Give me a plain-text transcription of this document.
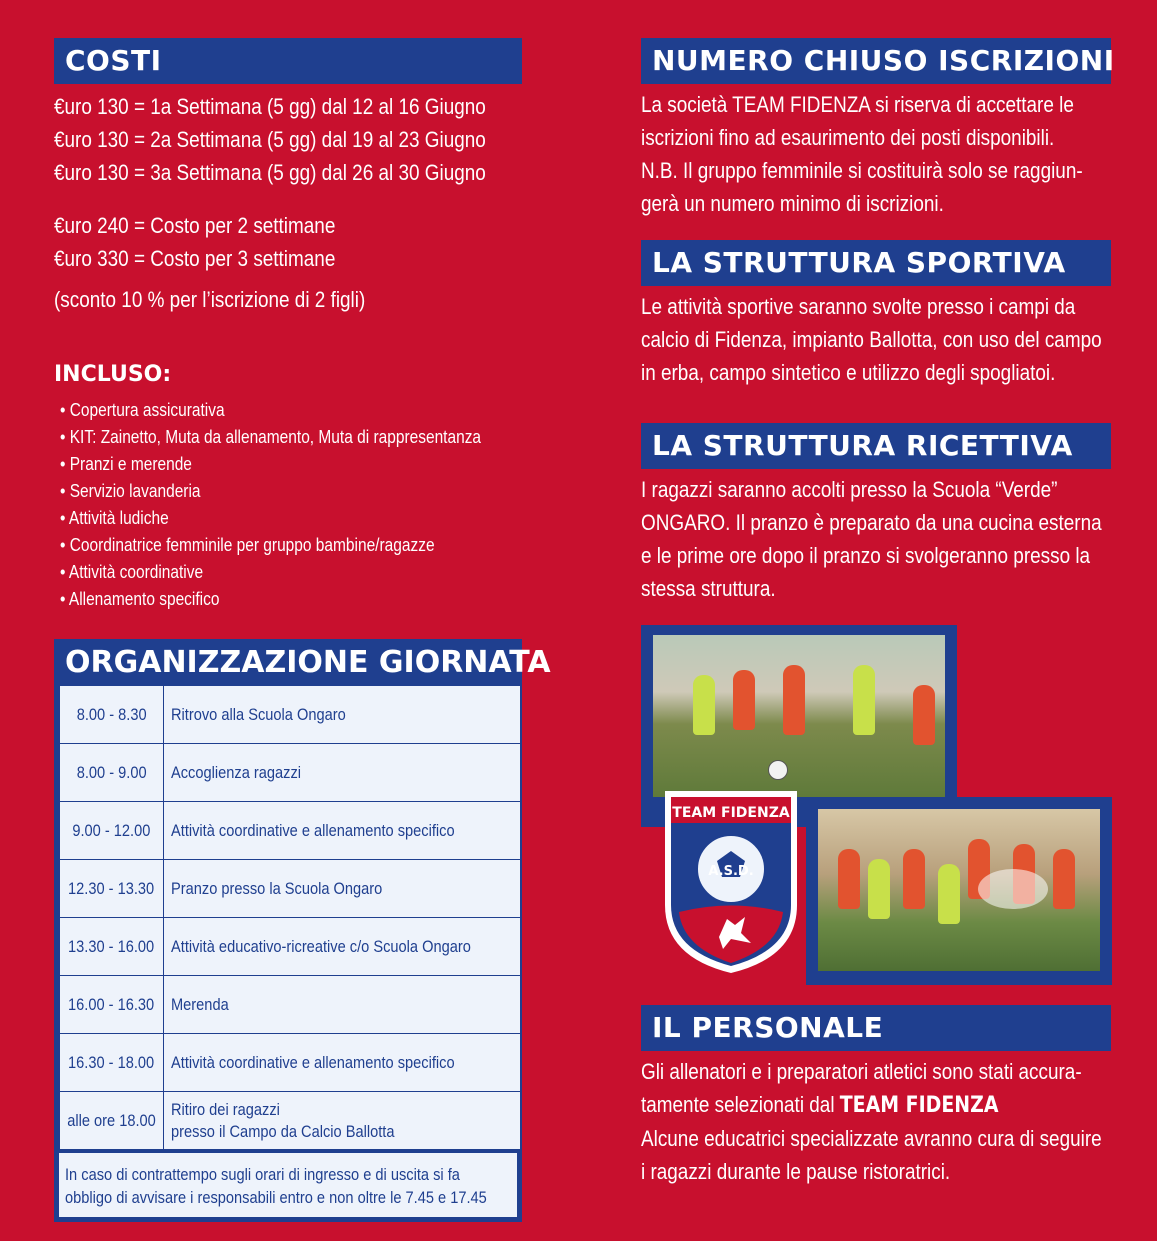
COSTI
€uro 130 = 1a Settimana (5 gg) dal 12 al 16 Giugno
€uro 130 = 2a Settimana (5 gg) dal 19 al 23 Giugno
€uro 130 = 3a Settimana (5 gg) dal 26 al 30 Giugno
€uro 240 = Costo per 2 settimane
€uro 330 = Costo per 3 settimane
(sconto 10 % per l’iscrizione di 2 figli)
INCLUSO:
• Copertura assicurativa
• KIT: Zainetto, Muta da allenamento, Muta di rappresentanza
• Pranzi e merende
• Servizio lavanderia
• Attività ludiche
• Coordinatrice femminile per gruppo bambine/ragazze
• Attività coordinative
• Allenamento specifico
ORGANIZZAZIONE GIORNATA
8.00 - 8.30	Ritrovo alla Scuola Ongaro
8.00 - 9.00	Accoglienza ragazzi
9.00 - 12.00	Attività coordinative e allenamento specifico
12.30 - 13.30	Pranzo presso la Scuola Ongaro
13.30 - 16.00	Attività educativo-ricreative c/o Scuola Ongaro
16.00 - 16.30	Merenda
16.30 - 18.00	Attività coordinative e allenamento specifico
alle ore 18.00	Ritiro dei ragazzi
presso il Campo da Calcio Ballotta
In caso di contrattempo sugli orari di ingresso e di uscita si fa
obbligo di avvisare i responsabili entro e non oltre le 7.45 e 17.45
NUMERO CHIUSO ISCRIZIONI
La società TEAM FIDENZA si riserva di accettare le
iscrizioni fino ad esaurimento dei posti disponibili.
N.B. Il gruppo femminile si costituirà solo se raggiun-
gerà un numero minimo di iscrizioni.
LA STRUTTURA SPORTIVA
Le attività sportive saranno svolte presso i campi da
calcio di Fidenza, impianto Ballotta, con uso del campo
in erba, campo sintetico e utilizzo degli spogliatoi.
LA STRUTTURA RICETTIVA
I ragazzi saranno accolti presso la Scuola “Verde”
ONGARO. Il pranzo è preparato da una cucina esterna
e le prime ore dopo il pranzo si svolgeranno presso la
stessa struttura.
TEAM FIDENZA
A.S.D.
IL PERSONALE
Gli allenatori e i preparatori atletici sono stati accura-
tamente selezionati dal TEAM FIDENZA
Alcune educatrici specializzate avranno cura di seguire
i ragazzi durante le pause ristoratrici.
